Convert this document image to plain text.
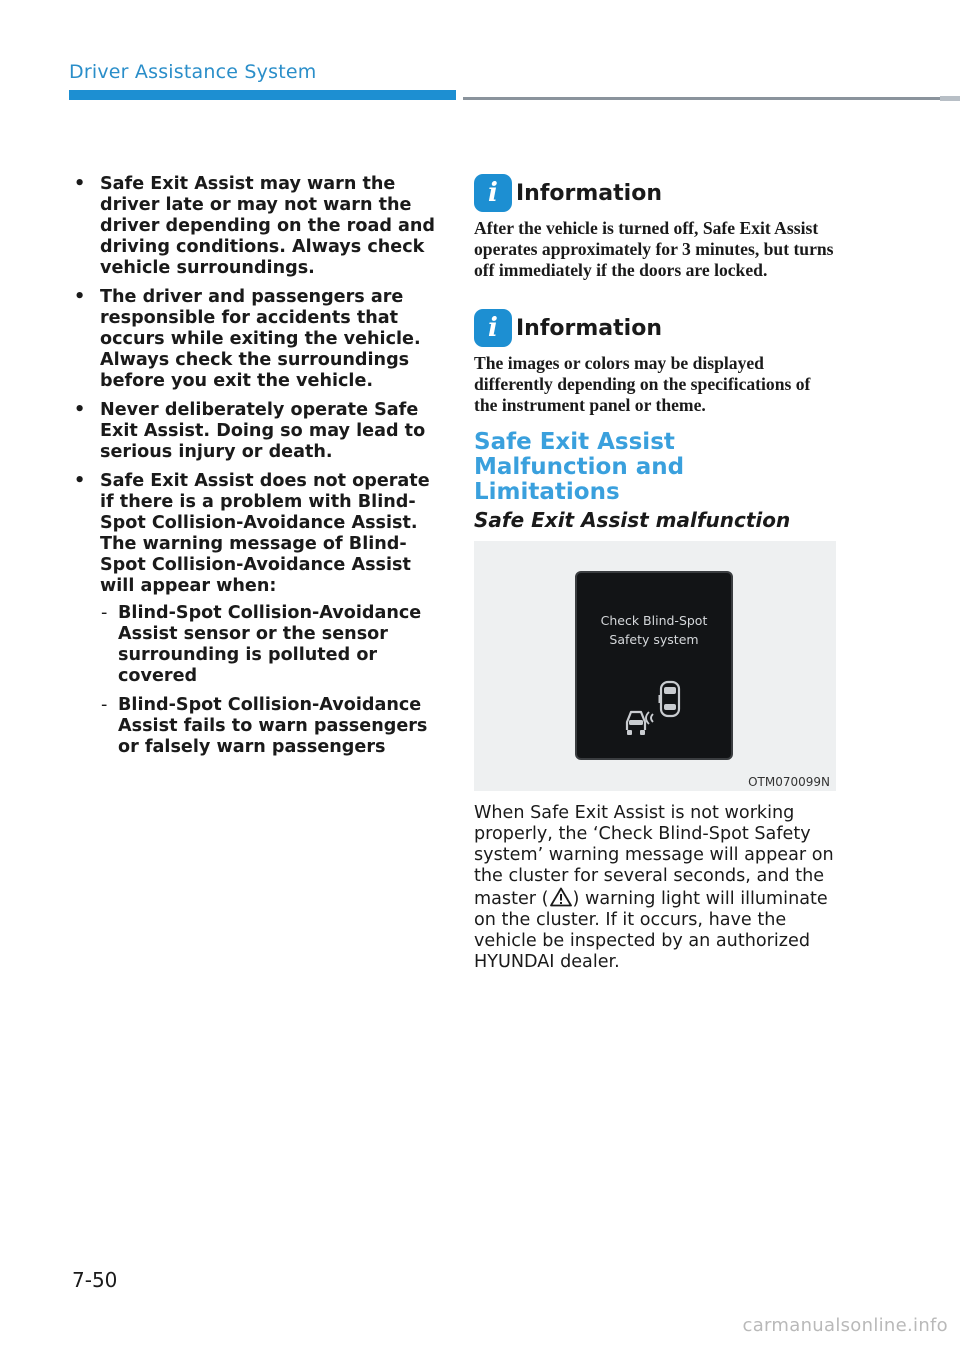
Driver Assistance System
• Safe Exit Assist may warn the driver late or may not warn the driver depending on the road and driving conditions. Always check vehicle surroundings.
• The driver and passengers are responsible for accidents that occurs while exiting the vehicle. Always check the surroundings before you exit the vehicle.
• Never deliberately operate Safe Exit Assist. Doing so may lead to serious injury or death.
• Safe Exit Assist does not operate if there is a problem with Blind-Spot Collision-Avoidance Assist. The warning message of Blind-Spot Collision-Avoidance Assist will appear when:
- Blind-Spot Collision-Avoidance Assist sensor or the sensor surrounding is polluted or covered
- Blind-Spot Collision-Avoidance Assist fails to warn passengers or falsely warn passengers
i Information
After the vehicle is turned off, Safe Exit Assist operates approximately for 3 minutes, but turns off immediately if the doors are locked.
i Information
The images or colors may be displayed differently depending on the specifications of the instrument panel or theme.
Safe Exit Assist Malfunction and Limitations
Safe Exit Assist malfunction
Check Blind-Spot
Safety system
OTM070099N
When Safe Exit Assist is not working properly, the ‘Check Blind-Spot Safety system’ warning message will appear on the cluster for several seconds, and the master ( ) warning light will illuminate on the cluster. If it occurs, have the vehicle be inspected by an authorized HYUNDAI dealer.
7-50
carmanualsonline.info
